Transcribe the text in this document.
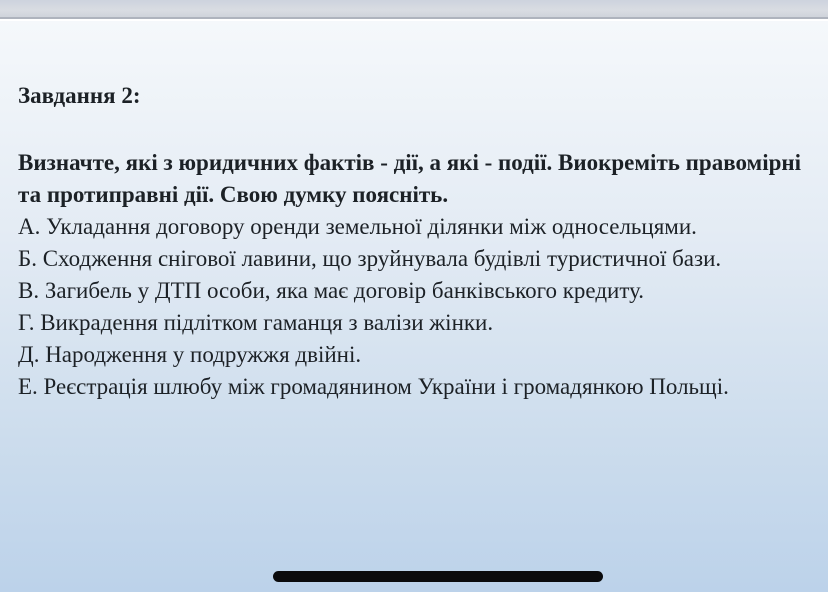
Завдання 2:

Визначте, які з юридичних фактів - дії, а які - події. Виокреміть правомірні та протиправні дії. Свою думку поясніть.

А. Укладання договору оренди земельної ділянки між односельцями.
Б. Сходження снігової лавини, що зруйнувала будівлі туристичної бази.
В. Загибель у ДТП особи, яка має договір банківського кредиту.
Г. Викрадення підлітком гаманця з валізи жінки.
Д. Народження у подружжя двійні.
Е. Реєстрація шлюбу між громадянином України і громадянкою Польщі.
